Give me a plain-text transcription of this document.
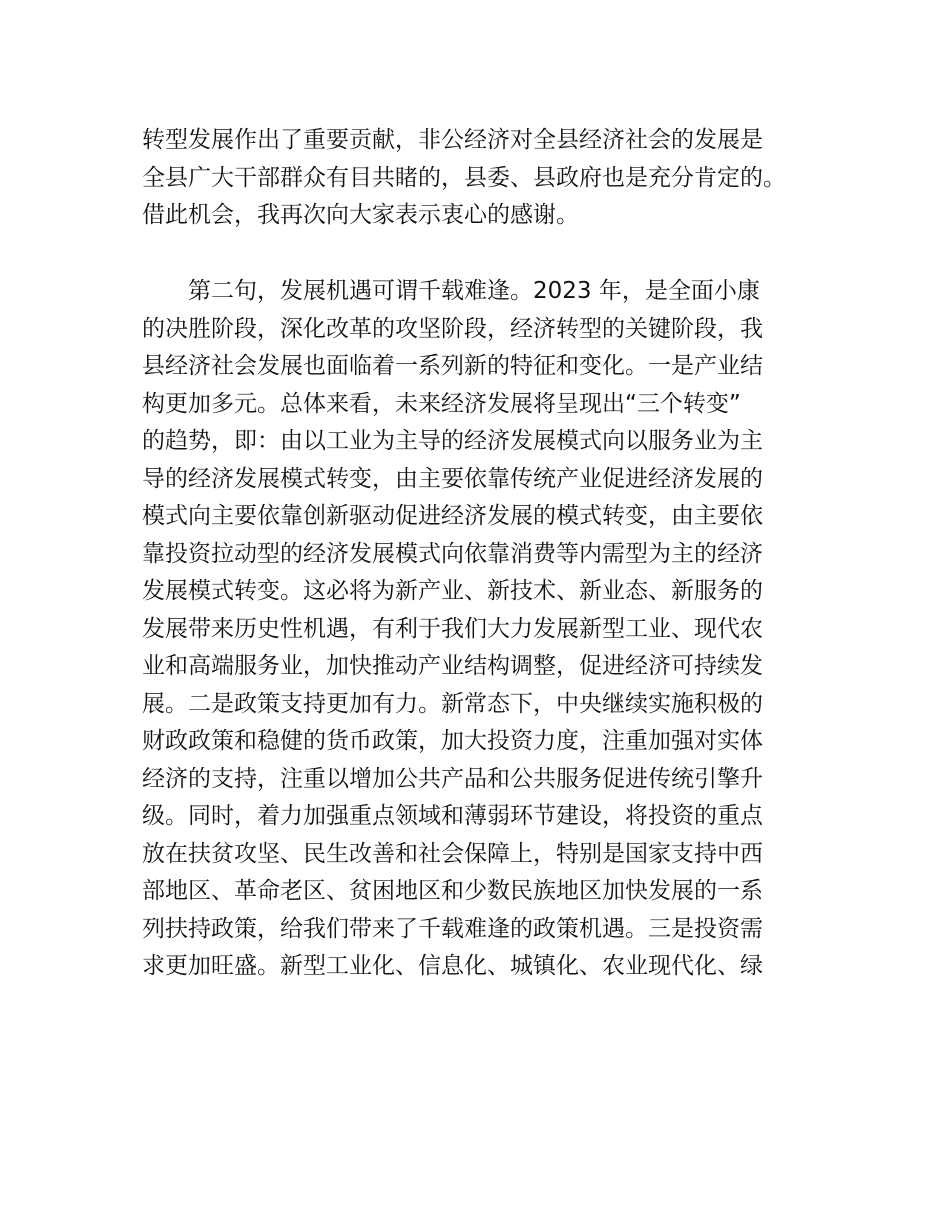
转型发展作出了重要贡献，非公经济对全县经济社会的发展是
全县广大干部群众有目共睹的，县委、县政府也是充分肯定的。
借此机会，我再次向大家表示衷心的感谢。
第二句，发展机遇可谓千载难逢。2023 年，是全面小康
的决胜阶段，深化改革的攻坚阶段，经济转型的关键阶段，我
县经济社会发展也面临着一系列新的特征和变化。一是产业结
构更加多元。总体来看，未来经济发展将呈现出“三个转变”
的趋势，即：由以工业为主导的经济发展模式向以服务业为主
导的经济发展模式转变，由主要依靠传统产业促进经济发展的
模式向主要依靠创新驱动促进经济发展的模式转变，由主要依
靠投资拉动型的经济发展模式向依靠消费等内需型为主的经济
发展模式转变。这必将为新产业、新技术、新业态、新服务的
发展带来历史性机遇，有利于我们大力发展新型工业、现代农
业和高端服务业，加快推动产业结构调整，促进经济可持续发
展。二是政策支持更加有力。新常态下，中央继续实施积极的
财政政策和稳健的货币政策，加大投资力度，注重加强对实体
经济的支持，注重以增加公共产品和公共服务促进传统引擎升
级。同时，着力加强重点领域和薄弱环节建设，将投资的重点
放在扶贫攻坚、民生改善和社会保障上，特别是国家支持中西
部地区、革命老区、贫困地区和少数民族地区加快发展的一系
列扶持政策，给我们带来了千载难逢的政策机遇。三是投资需
求更加旺盛。新型工业化、信息化、城镇化、农业现代化、绿
